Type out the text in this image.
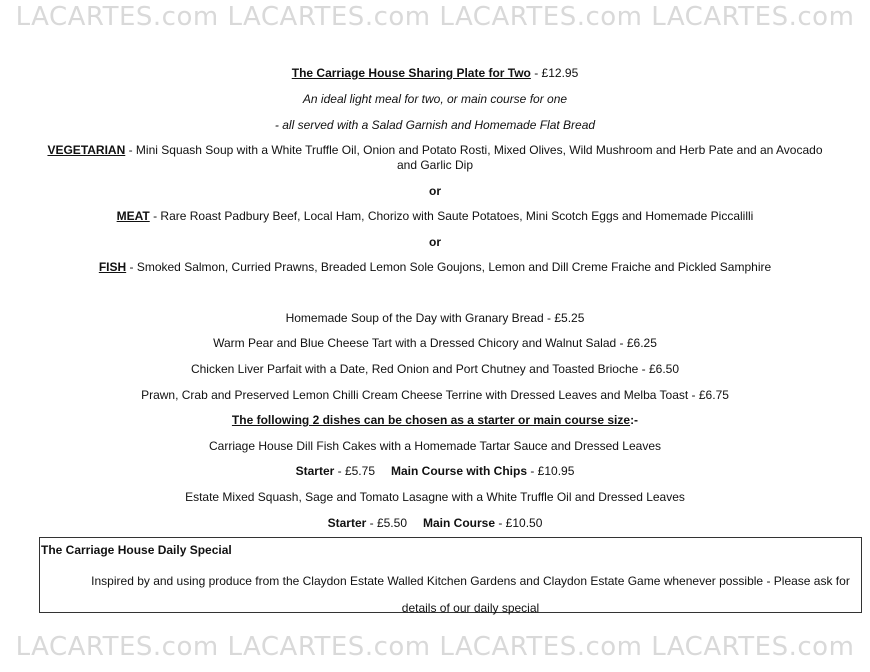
LACARTES.com LACARTES.com LACARTES.com LACARTES.com
The Carriage House Sharing Plate for Two - £12.95
An ideal light meal for two, or main course for one
- all served with a Salad Garnish and Homemade Flat Bread
VEGETARIAN - Mini Squash Soup with a White Truffle Oil, Onion and Potato Rosti, Mixed Olives, Wild Mushroom and Herb Pate and an Avocado and Garlic Dip
or
MEAT - Rare Roast Padbury Beef, Local Ham, Chorizo with Saute Potatoes, Mini Scotch Eggs and Homemade Piccalilli
or
FISH - Smoked Salmon, Curried Prawns, Breaded Lemon Sole Goujons, Lemon and Dill Creme Fraiche and Pickled Samphire
Homemade Soup of the Day with Granary Bread - £5.25
Warm Pear and Blue Cheese Tart with a Dressed Chicory and Walnut Salad - £6.25
Chicken Liver Parfait with a Date, Red Onion and Port Chutney and Toasted Brioche - £6.50
Prawn, Crab and Preserved Lemon Chilli Cream Cheese Terrine with Dressed Leaves and Melba Toast - £6.75
The following 2 dishes can be chosen as a starter or main course size:-
Carriage House Dill Fish Cakes with a Homemade Tartar Sauce and Dressed Leaves
Starter - £5.75 Main Course with Chips - £10.95
Estate Mixed Squash, Sage and Tomato Lasagne with a White Truffle Oil and Dressed Leaves
Starter - £5.50 Main Course - £10.50
The Carriage House Daily Special
Inspired by and using produce from the Claydon Estate Walled Kitchen Gardens and Claydon Estate Game whenever possible - Please ask for details of our daily special
LACARTES.com LACARTES.com LACARTES.com LACARTES.com
